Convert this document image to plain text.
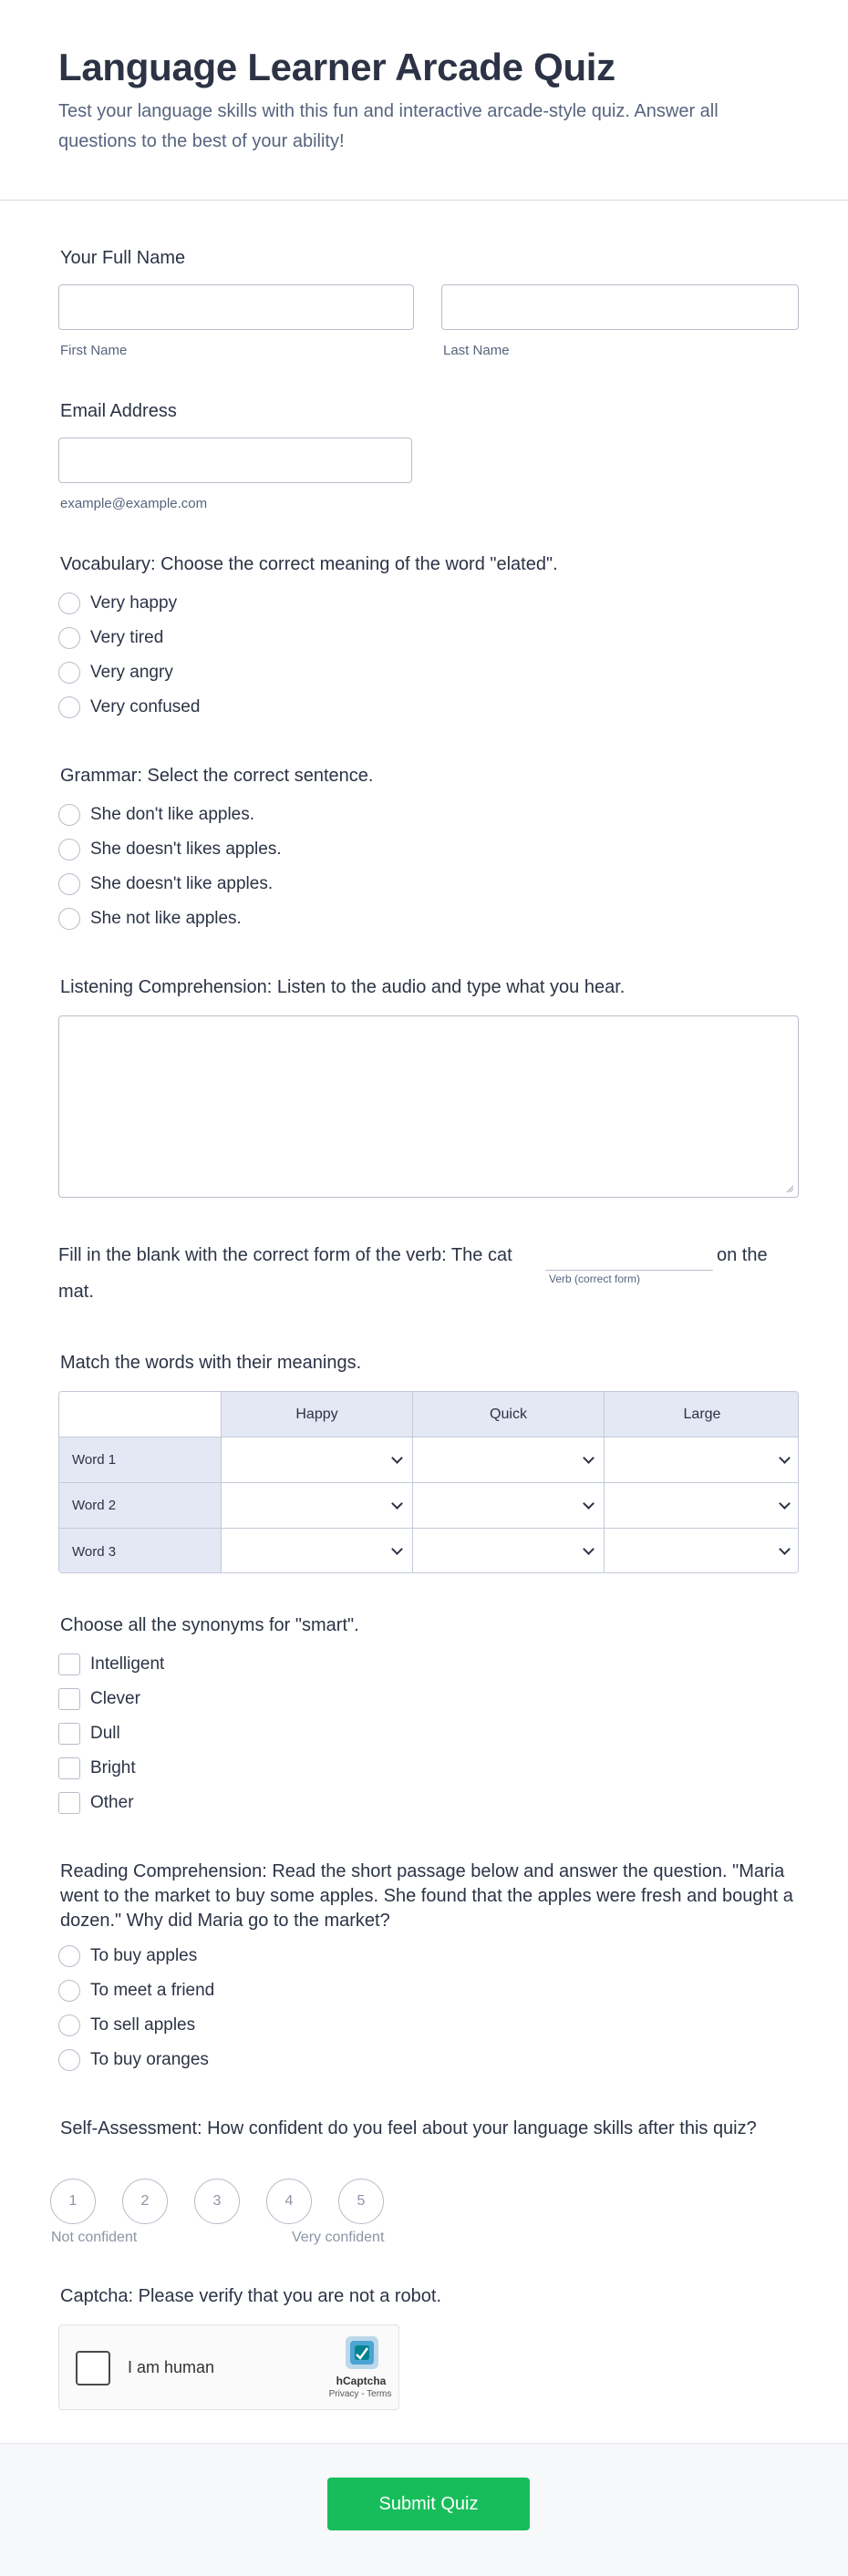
Language Learner Arcade Quiz

Test your language skills with this fun and interactive arcade-style quiz. Answer all questions to the best of your ability!

Your Full Name
First Name	Last Name
Email Address
example@example.com
Vocabulary: Choose the correct meaning of the word "elated".
Very happy
Very tired
Very angry
Very confused
Grammar: Select the correct sentence.
She don't like apples.
She doesn't likes apples.
She doesn't like apples.
She not like apples.
Listening Comprehension: Listen to the audio and type what you hear.
Fill in the blank with the correct form of the verb: The cat	on the
Verb (correct form)
mat.
Match the words with their meanings.
Happy	Quick	Large
Word 1
Word 2
Word 3
Choose all the synonyms for "smart".
Intelligent
Clever
Dull
Bright
Other
Reading Comprehension: Read the short passage below and answer the question. "Maria went to the market to buy some apples. She found that the apples were fresh and bought a dozen." Why did Maria go to the market?
To buy apples
To meet a friend
To sell apples
To buy oranges
Self-Assessment: How confident do you feel about your language skills after this quiz?
1	2	3	4	5
Not confident	Very confident
Captcha: Please verify that you are not a robot.
I am human
hCaptcha
Privacy - Terms
Submit Quiz
